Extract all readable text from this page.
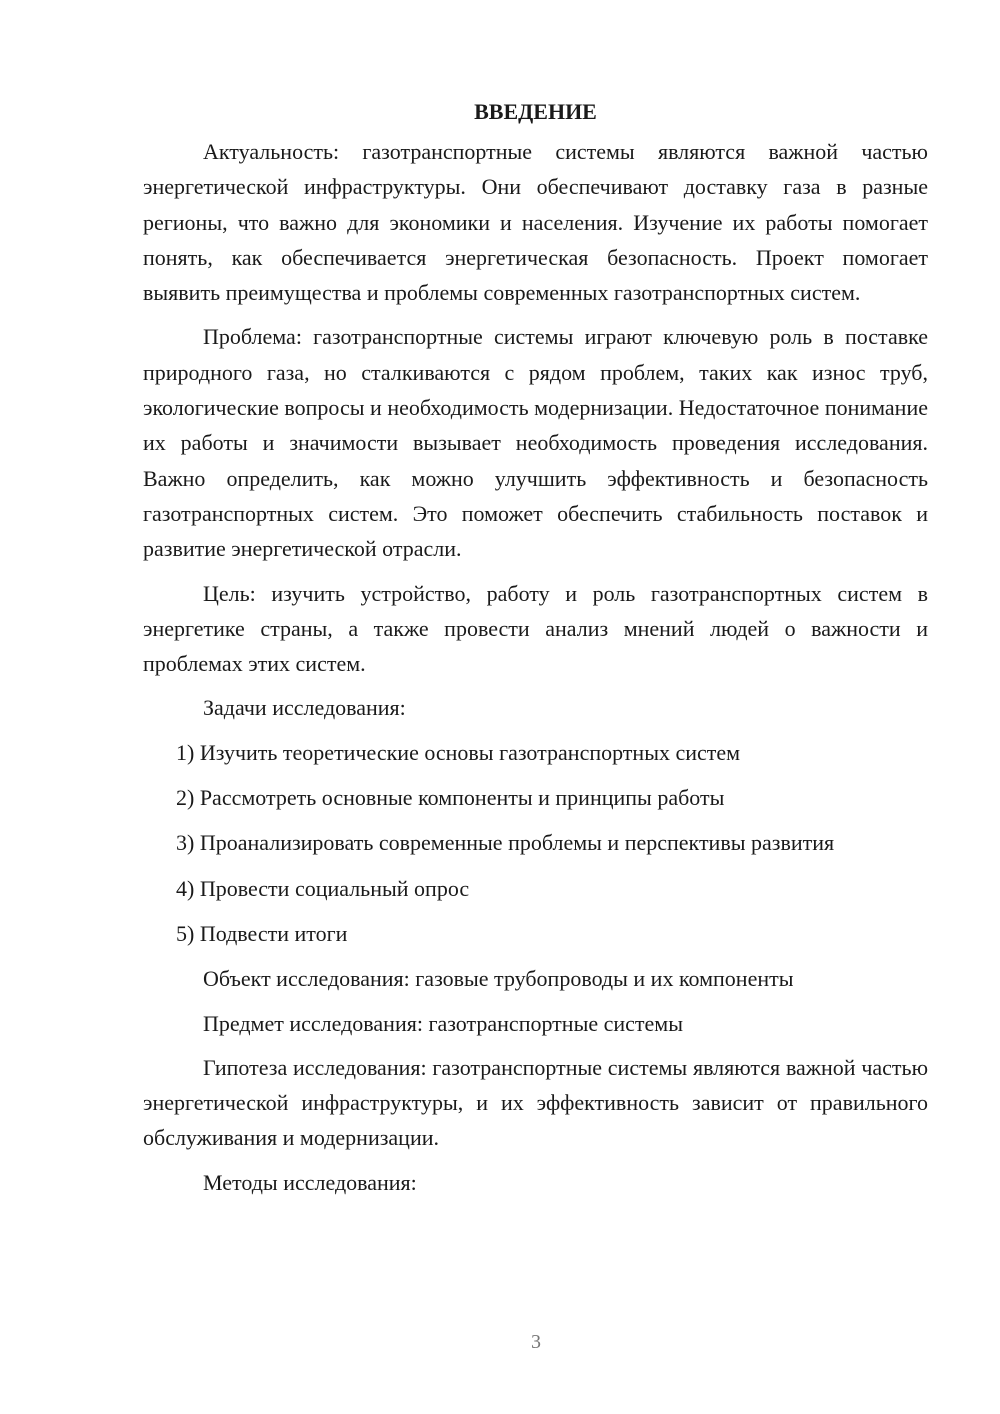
ВВЕДЕНИЕ

Актуальность: газотранспортные системы являются важной частью энергетической инфраструктуры. Они обеспечивают доставку газа в разные регионы, что важно для экономики и населения. Изучение их работы помогает понять, как обеспечивается энергетическая безопасность. Проект помогает выявить преимущества и проблемы современных газотранспортных систем.

Проблема: газотранспортные системы играют ключевую роль в поставке природного газа, но сталкиваются с рядом проблем, таких как износ труб, экологические вопросы и необходимость модернизации. Недостаточное понимание их работы и значимости вызывает необходимость проведения исследования. Важно определить, как можно улучшить эффективность и безопасность газотранспортных систем. Это поможет обеспечить стабильность поставок и развитие энергетической отрасли.

Цель: изучить устройство, работу и роль газотранспортных систем в энергетике страны, а также провести анализ мнений людей о важности и проблемах этих систем.

Задачи исследования:

1) Изучить теоретические основы газотранспортных систем
2) Рассмотреть основные компоненты и принципы работы
3) Проанализировать современные проблемы и перспективы развития
4) Провести социальный опрос
5) Подвести итоги

Объект исследования: газовые трубопроводы и их компоненты

Предмет исследования: газотранспортные системы

Гипотеза исследования: газотранспортные системы являются важной частью энергетической инфраструктуры, и их эффективность зависит от правильного обслуживания и модернизации.

Методы исследования:

3
